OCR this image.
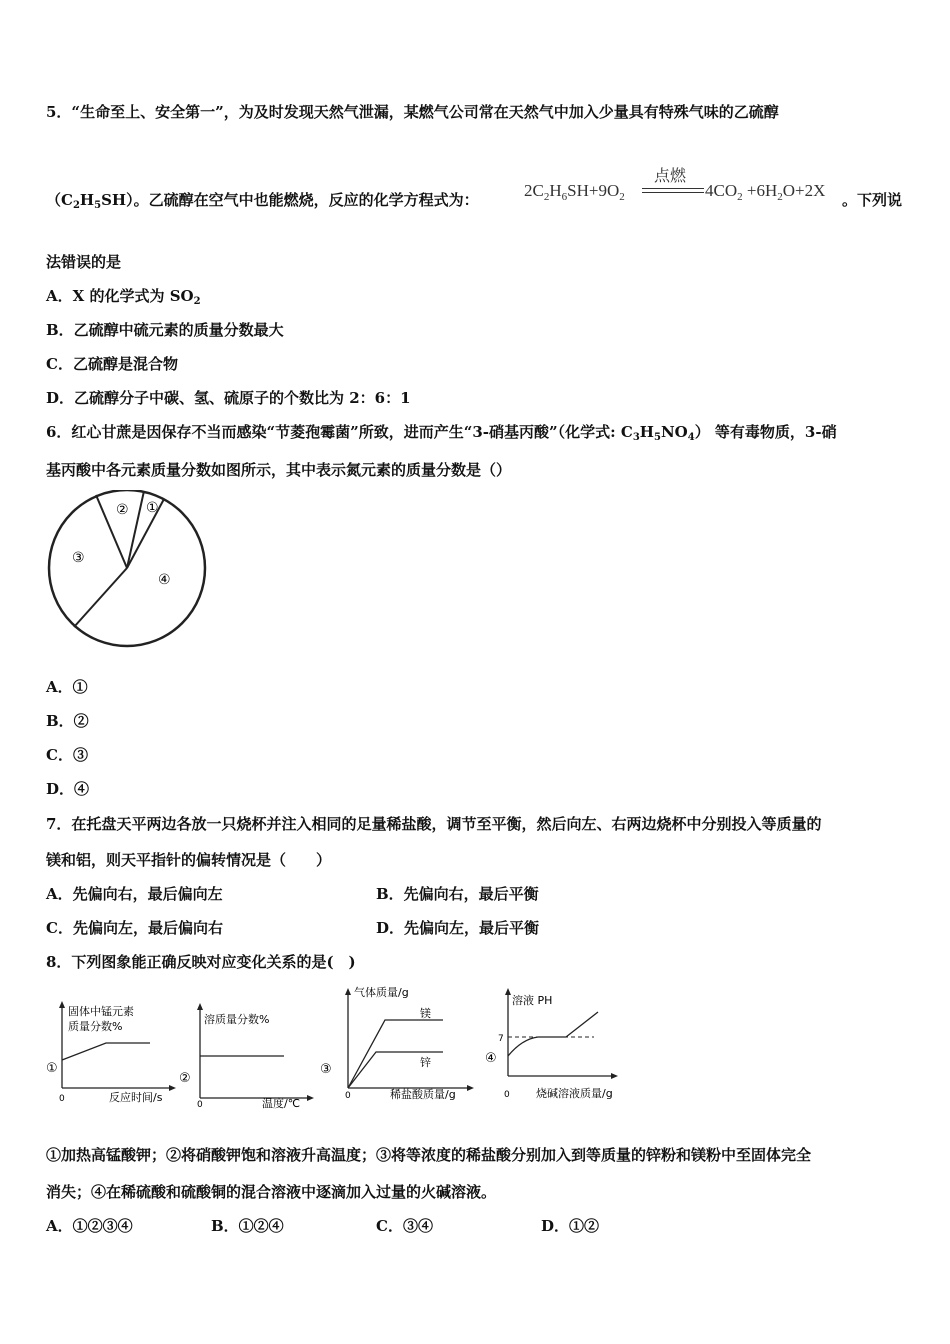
5．“生命至上、安全第一”，为及时发现天然气泄漏，某燃气公司常在天然气中加入少量具有特殊气味的乙硫醇
$(C_2H_5SH)$。乙硫醇在空气中也能燃烧，反应的化学方程式为：	$2C_2H_6SH+9O_2$
点燃
$4CO_2 +6H_2O+2X$ 。下列说
法错误的是
A．X 的化学式为 $SO_2$
B．乙硫醇中硫元素的质量分数最大
C．乙硫醇是混合物
D．乙硫醇分子中碳、氢、硫原子的个数比为 2：6：1
6．红心甘蔗是因保存不当而感染“节菱孢霉菌”所致，进而产生“3-硝基丙酸”（化学式: $C_3H_5NO_4$） 等有毒物质，3-硝
基丙酸中各元素质量分数如图所示，其中表示氮元素的质量分数是（）
② ①
③
④
A．①
B．②
C．③
D．④
7．在托盘天平两边各放一只烧杯并注入相同的足量稀盐酸，调节至平衡，然后向左、右两边烧杯中分别投入等质量的
镁和铝，则天平指针的偏转情况是（　　）
A．先偏向右，最后偏向左	B．先偏向右，最后平衡
C．先偏向左，最后偏向右	D．先偏向左，最后平衡
8．下列图象能正确反映对应变化关系的是(　)
固体中锰元素
质量分数%
①
0	反应时间/s
溶质量分数%
②
0	温度/℃
气体质量/g
镁
锌
③
0	稀盐酸质量/g
溶液 PH
7
④
0 烧碱溶液质量/g
①加热高锰酸钾；②将硝酸钾饱和溶液升高温度；③将等浓度的稀盐酸分别加入到等质量的锌粉和镁粉中至固体完全
消失；④在稀硫酸和硫酸铜的混合溶液中逐滴加入过量的火碱溶液。
A．①②③④	B．①②④	C．③④	D．①②
